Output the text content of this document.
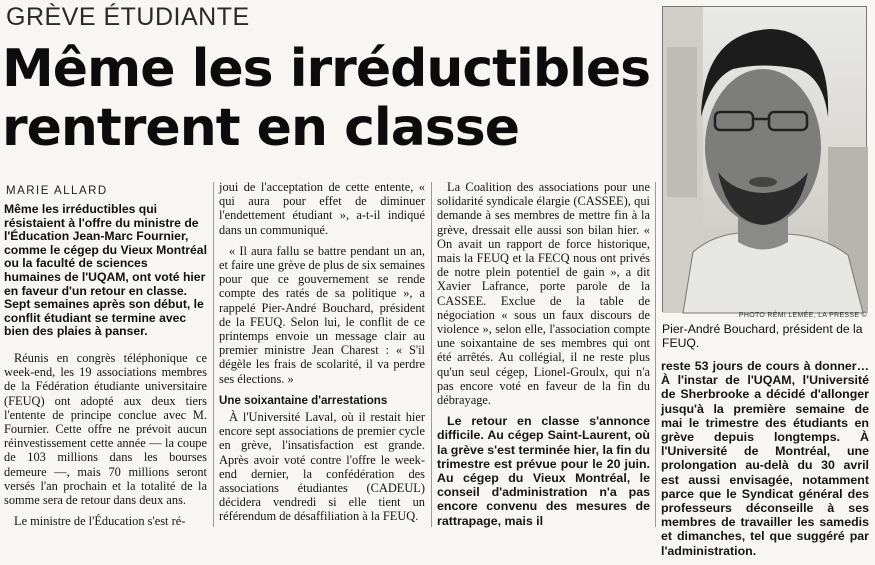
GRÈVE ÉTUDIANTE
Même les irréductibles
rentrent en classe
MARIE ALLARD

Même les irréductibles qui résistaient à l'offre du ministre de l'Éducation Jean-Marc Fournier, comme le cégep du Vieux Montréal ou la faculté de sciences humaines de l'UQAM, ont voté hier en faveur d'un retour en classe. Sept semaines après son début, le conflit étudiant se termine avec bien des plaies à panser.

Réunis en congrès téléphonique ce week-end, les 19 associations membres de la Fédération étudiante universitaire (FEUQ) ont adopté aux deux tiers l'entente de principe conclue avec M. Fournier. Cette offre ne prévoit aucun réinvestissement cette année — la coupe de 103 millions dans les bourses demeure —, mais 70 millions seront versés l'an prochain et la totalité de la somme sera de retour dans deux ans.

Le ministre de l'Éducation s'est ré-

joui de l'acceptation de cette entente, « qui aura pour effet de diminuer l'endettement étudiant », a-t-il indiqué dans un communiqué.

« Il aura fallu se battre pendant un an, et faire une grève de plus de six semaines pour que ce gouvernement se rende compte des ratés de sa politique », a rappelé Pier-André Bouchard, président de la FEUQ. Selon lui, le conflit de ce printemps envoie un message clair au premier ministre Jean Charest : « S'il dégèle les frais de scolarité, il va perdre ses élections. »

Une soixantaine d'arrestations

À l'Université Laval, où il restait hier encore sept associations de premier cycle en grève, l'insatisfaction est grande. Après avoir voté contre l'offre le week-end dernier, la confédération des associations étudiantes (CADEUL) décidera vendredi si elle tient un référendum de désaffiliation à la FEUQ.

La Coalition des associations pour une solidarité syndicale élargie (CASSEE), qui demande à ses membres de mettre fin à la grève, dressait elle aussi son bilan hier. « On avait un rapport de force historique, mais la FEUQ et la FECQ nous ont privés de notre plein potentiel de gain », a dit Xavier Lafrance, porte parole de la CASSEE. Exclue de la table de négociation « sous un faux discours de violence », selon elle, l'association compte une soixantaine de ses membres qui ont été arrêtés. Au collégial, il ne reste plus qu'un seul cégep, Lionel-Groulx, qui n'a pas encore voté en faveur de la fin du débrayage.

Le retour en classe s'annonce difficile. Au cégep Saint-Laurent, où la grève s'est terminée hier, la fin du trimestre est prévue pour le 20 juin. Au cégep du Vieux Montréal, le conseil d'administration n'a pas encore convenu des mesures de rattrapage, mais il

PHOTO RÉMI LEMÉE, LA PRESSE ©
Pier-André Bouchard, président de la FEUQ.

reste 53 jours de cours à donner… À l'instar de l'UQAM, l'Université de Sherbrooke a décidé d'allonger jusqu'à la première semaine de mai le trimestre des étudiants en grève depuis longtemps. À l'Université de Montréal, une prolongation au-delà du 30 avril est aussi envisagée, notamment parce que le Syndicat général des professeurs déconseille à ses membres de travailler les samedis et dimanches, tel que suggéré par l'administration.
